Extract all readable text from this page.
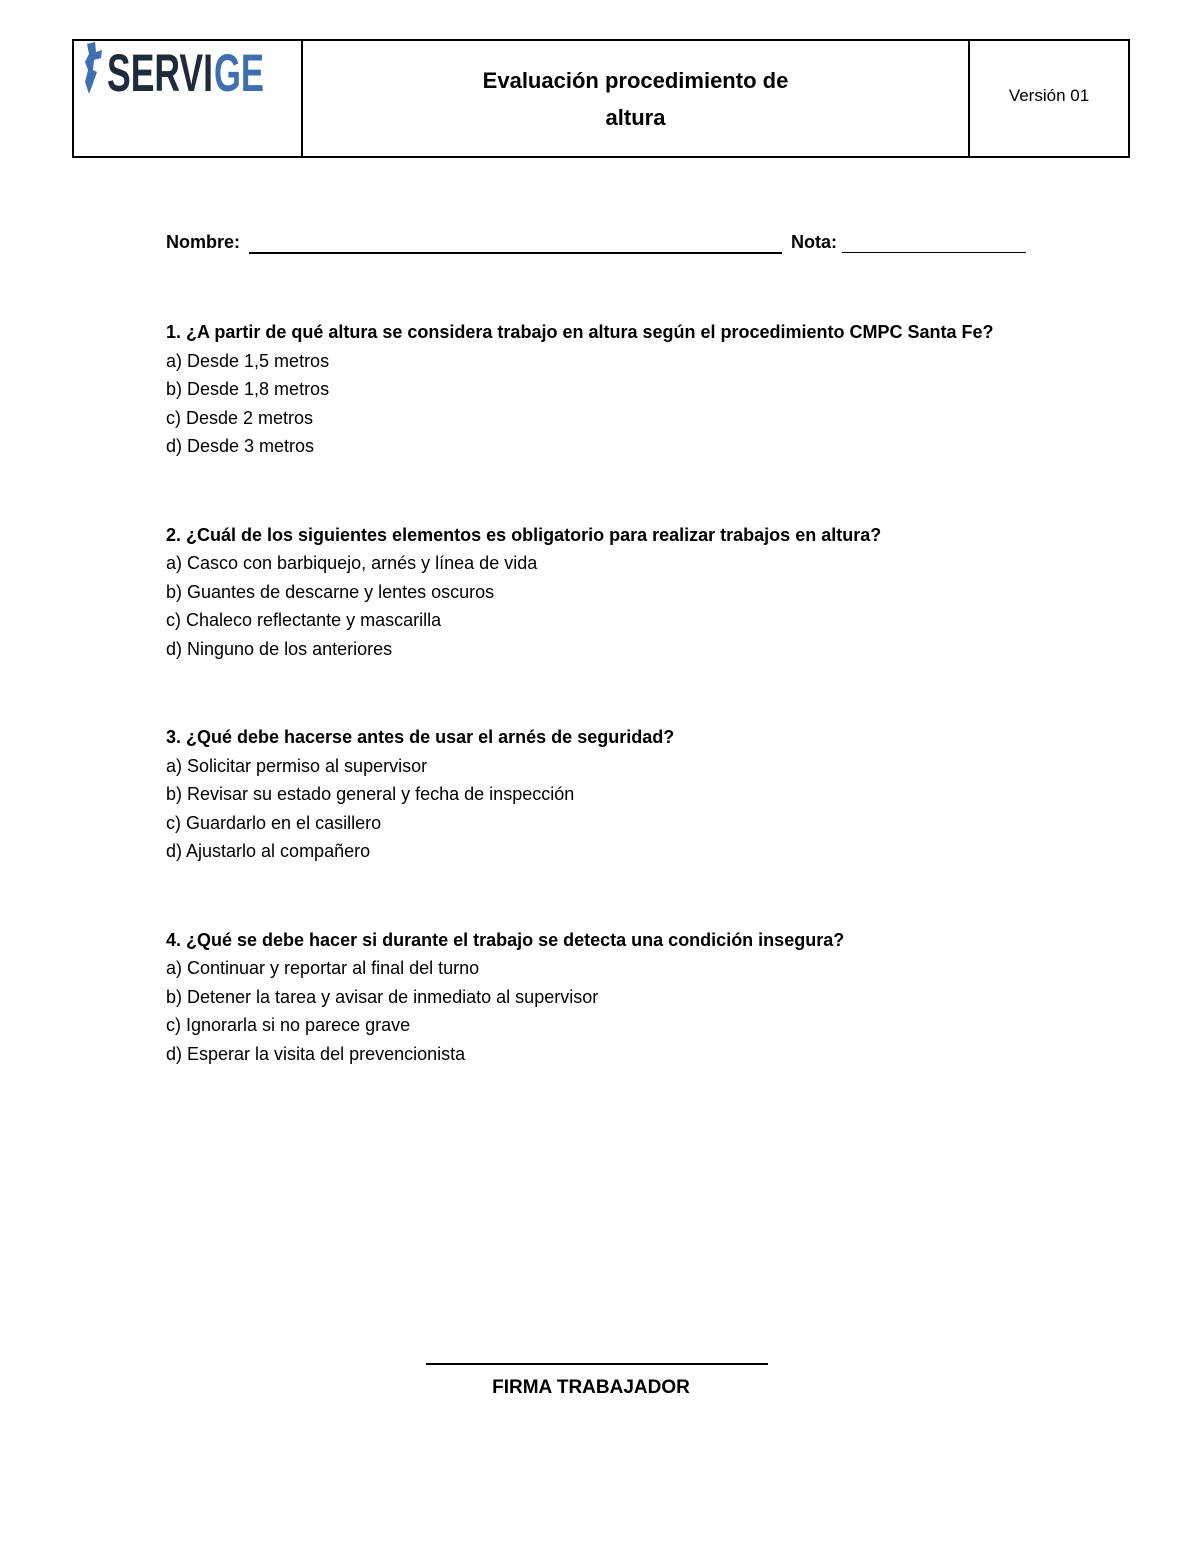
SERVI GE	Evaluación procedimiento de altura
Versión 01
Nombre:	Nota:
1. ¿A partir de qué altura se considera trabajo en altura según el procedimiento CMPC Santa Fe?
a) Desde 1,5 metros
b) Desde 1,8 metros
c) Desde 2 metros
d) Desde 3 metros
2. ¿Cuál de los siguientes elementos es obligatorio para realizar trabajos en altura?
a) Casco con barbiquejo, arnés y línea de vida
b) Guantes de descarne y lentes oscuros
c) Chaleco reflectante y mascarilla
d) Ninguno de los anteriores
3. ¿Qué debe hacerse antes de usar el arnés de seguridad?
a) Solicitar permiso al supervisor
b) Revisar su estado general y fecha de inspección
c) Guardarlo en el casillero
d) Ajustarlo al compañero
4. ¿Qué se debe hacer si durante el trabajo se detecta una condición insegura?
a) Continuar y reportar al final del turno
b) Detener la tarea y avisar de inmediato al supervisor
c) Ignorarla si no parece grave
d) Esperar la visita del prevencionista
FIRMA TRABAJADOR
